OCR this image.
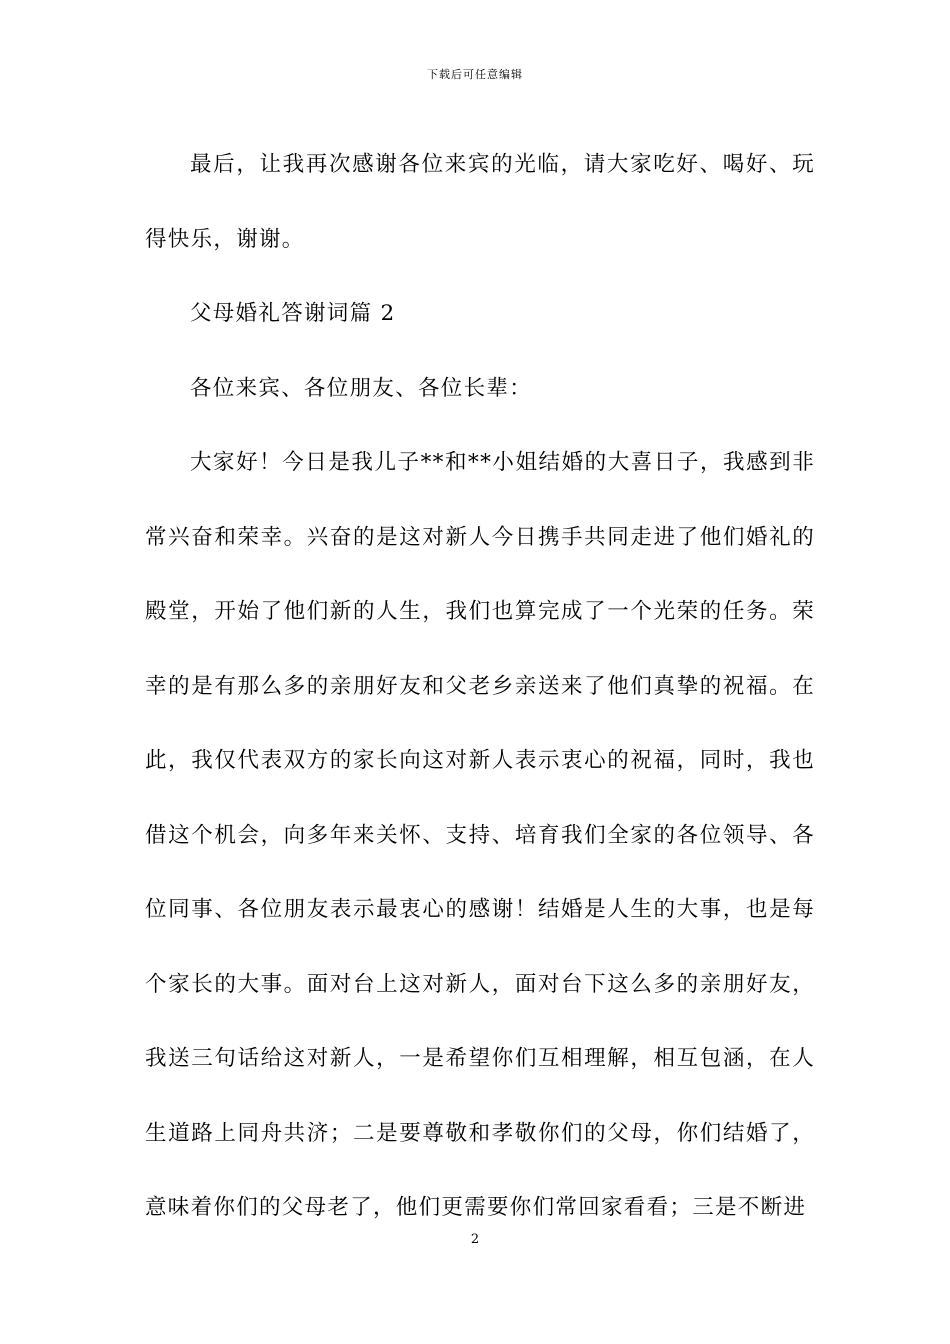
下载后可任意编辑

最后，让我再次感谢各位来宾的光临，请大家吃好、喝好、玩得快乐，谢谢。

父母婚礼答谢词篇 2

各位来宾、各位朋友、各位长辈：

大家好！今日是我儿子**和**小姐结婚的大喜日子，我感到非常兴奋和荣幸。兴奋的是这对新人今日携手共同走进了他们婚礼的殿堂，开始了他们新的人生，我们也算完成了一个光荣的任务。荣幸的是有那么多的亲朋好友和父老乡亲送来了他们真挚的祝福。在此，我仅代表双方的家长向这对新人表示衷心的祝福，同时，我也借这个机会，向多年来关怀、支持、培育我们全家的各位领导、各位同事、各位朋友表示最衷心的感谢！结婚是人生的大事，也是每个家长的大事。面对台上这对新人，面对台下这么多的亲朋好友，我送三句话给这对新人，一是希望你们互相理解，相互包涵，在人生道路上同舟共济；二是要尊敬和孝敬你们的父母，你们结婚了，意味着你们的父母老了，他们更需要你们常回家看看；三是不断进

2
